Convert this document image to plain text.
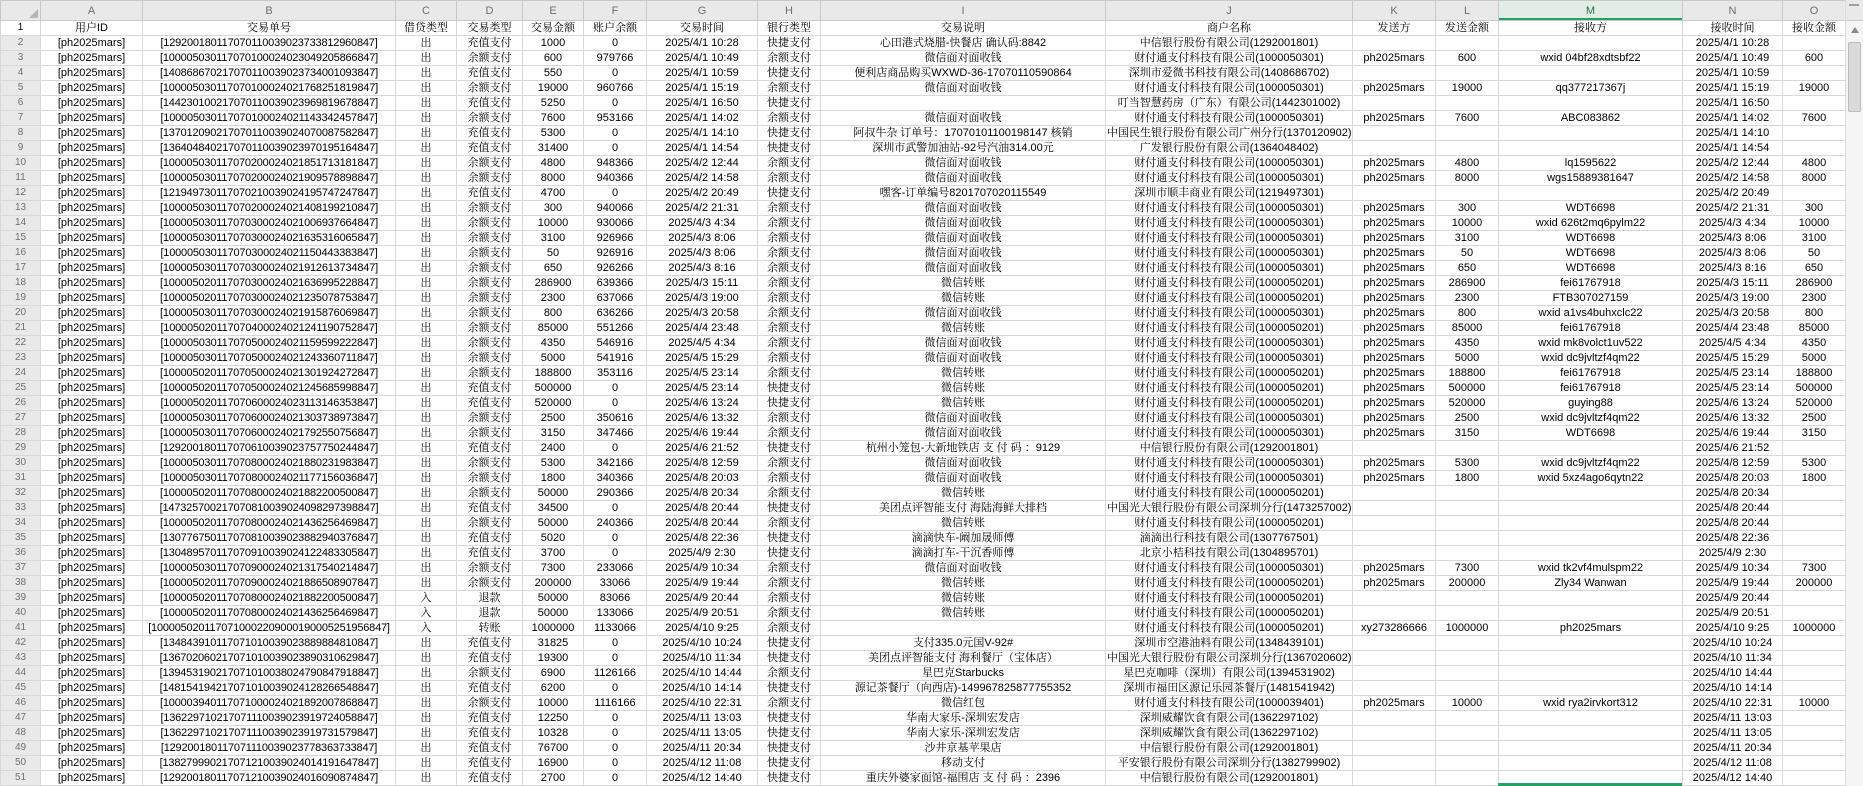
	A	B	C	D	E	F	G	H	I	J	K	L	M	N	O
1	用户ID	交易单号	借贷类型	交易类型	交易金额	账户余额	交易时间	银行类型	交易说明	商户名称	发送方	发送金额	接收方	接收时间	接收金额
2	[ph2025mars]	[129200180117070110039023733812960847]	出	充值支付	1000	0	2025/4/1 10:28	快捷支付	心田港式烧腊-快餐店 确认码:8842	中信银行股份有限公司(1292001801)				2025/4/1 10:28	
3	[ph2025mars]	[100005030117070100024023049205866847]	出	余额支付	600	979766	2025/4/1 10:49	余额支付	微信面对面收钱	财付通支付科技有限公司(1000050301)	ph2025mars	600	wxid 04bf28xdtsbf22	2025/4/1 10:49	600
4	[ph2025mars]	[140868670217070110039023734001093847]	出	充值支付	550	0	2025/4/1 10:59	快捷支付	便利店商品购买WXWD-36-17070110590864	深圳市爱微书科技有限公司(1408686702)				2025/4/1 10:59	
5	[ph2025mars]	[100005030117070100024021768251819847]	出	余额支付	19000	960766	2025/4/1 15:19	余额支付	微信面对面收钱	财付通支付科技有限公司(1000050301)	ph2025mars	19000	qq377217367j	2025/4/1 15:19	19000
6	[ph2025mars]	[144230100217070110039023969819678847]	出	充值支付	5250	0	2025/4/1 16:50	快捷支付		叮当智慧药房（广东）有限公司(1442301002)				2025/4/1 16:50	
7	[ph2025mars]	[100005030117070100024021143342457847]	出	余额支付	7600	953166	2025/4/1 14:02	余额支付	微信面对面收钱	财付通支付科技有限公司(1000050301)	ph2025mars	7600	ABC083862	2025/4/1 14:02	7600
8	[ph2025mars]	[137012090217070110039024070087582847]	出	充值支付	5300	0	2025/4/1 14:10	快捷支付	阿叔牛杂 订单号：17070101100198147 核销	中国民生银行股份有限公司广州分行(1370120902)				2025/4/1 14:10	
9	[ph2025mars]	[136404840217070110039023970195164847]	出	充值支付	31400	0	2025/4/1 14:54	快捷支付	深圳市武警加油站-92号汽油314.00元	广发银行股份有限公司(1364048402)				2025/4/1 14:54	
10	[ph2025mars]	[100005030117070200024021851713181847]	出	余额支付	4800	948366	2025/4/2 12:44	余额支付	微信面对面收钱	财付通支付科技有限公司(1000050301)	ph2025mars	4800	lq1595622	2025/4/2 12:44	4800
11	[ph2025mars]	[100005030117070200024021909578898847]	出	余额支付	8000	940366	2025/4/2 14:58	余额支付	微信面对面收钱	财付通支付科技有限公司(1000050301)	ph2025mars	8000	wgs15889381647	2025/4/2 14:58	8000
12	[ph2025mars]	[121949730117070210039024195747247847]	出	充值支付	4700	0	2025/4/2 20:49	快捷支付	嘿客-订单编号8201707020115549	深圳市顺丰商业有限公司(1219497301)				2025/4/2 20:49	
13	[ph2025mars]	[100005030117070200024021408199210847]	出	余额支付	300	940066	2025/4/2 21:31	余额支付	微信面对面收钱	财付通支付科技有限公司(1000050301)	ph2025mars	300	WDT6698	2025/4/2 21:31	300
14	[ph2025mars]	[100005030117070300024021006937664847]	出	余额支付	10000	930066	2025/4/3 4:34	余额支付	微信面对面收钱	财付通支付科技有限公司(1000050301)	ph2025mars	10000	wxid 626t2mq6pylm22	2025/4/3 4:34	10000
15	[ph2025mars]	[100005030117070300024021635316065847]	出	余额支付	3100	926966	2025/4/3 8:06	余额支付	微信面对面收钱	财付通支付科技有限公司(1000050301)	ph2025mars	3100	WDT6698	2025/4/3 8:06	3100
16	[ph2025mars]	[100005030117070300024021150443383847]	出	余额支付	50	926916	2025/4/3 8:06	余额支付	微信面对面收钱	财付通支付科技有限公司(1000050301)	ph2025mars	50	WDT6698	2025/4/3 8:06	50
17	[ph2025mars]	[100005030117070300024021912613734847]	出	余额支付	650	926266	2025/4/3 8:16	余额支付	微信面对面收钱	财付通支付科技有限公司(1000050301)	ph2025mars	650	WDT6698	2025/4/3 8:16	650
18	[ph2025mars]	[100005020117070300024021636995228847]	出	余额支付	286900	639366	2025/4/3 15:11	余额支付	微信转账	财付通支付科技有限公司(1000050201)	ph2025mars	286900	fei61767918	2025/4/3 15:11	286900
19	[ph2025mars]	[100005020117070300024021235078753847]	出	余额支付	2300	637066	2025/4/3 19:00	余额支付	微信转账	财付通支付科技有限公司(1000050201)	ph2025mars	2300	FTB307027159	2025/4/3 19:00	2300
20	[ph2025mars]	[100005030117070300024021915876069847]	出	余额支付	800	636266	2025/4/3 20:58	余额支付	微信面对面收钱	财付通支付科技有限公司(1000050301)	ph2025mars	800	wxid a1vs4buhxclc22	2025/4/3 20:58	800
21	[ph2025mars]	[100005020117070400024021241190752847]	出	余额支付	85000	551266	2025/4/4 23:48	余额支付	微信转账	财付通支付科技有限公司(1000050201)	ph2025mars	85000	fei61767918	2025/4/4 23:48	85000
22	[ph2025mars]	[100005030117070500024021159599222847]	出	余额支付	4350	546916	2025/4/5 4:34	余额支付	微信面对面收钱	财付通支付科技有限公司(1000050301)	ph2025mars	4350	wxid mk8volct1uv522	2025/4/5 4:34	4350
23	[ph2025mars]	[100005030117070500024021243360711847]	出	余额支付	5000	541916	2025/4/5 15:29	余额支付	微信面对面收钱	财付通支付科技有限公司(1000050301)	ph2025mars	5000	wxid dc9jvltzf4qm22	2025/4/5 15:29	5000
24	[ph2025mars]	[100005020117070500024021301924272847]	出	余额支付	188800	353116	2025/4/5 23:14	余额支付	微信转账	财付通支付科技有限公司(1000050201)	ph2025mars	188800	fei61767918	2025/4/5 23:14	188800
25	[ph2025mars]	[100005020117070500024021245685998847]	出	充值支付	500000	0	2025/4/5 23:14	快捷支付	微信转账	财付通支付科技有限公司(1000050201)	ph2025mars	500000	fei61767918	2025/4/5 23:14	500000
26	[ph2025mars]	[100005020117070600024023113146353847]	出	充值支付	520000	0	2025/4/6 13:24	快捷支付	微信转账	财付通支付科技有限公司(1000050201)	ph2025mars	520000	guying88	2025/4/6 13:24	520000
27	[ph2025mars]	[100005030117070600024021303738973847]	出	余额支付	2500	350616	2025/4/6 13:32	余额支付	微信面对面收钱	财付通支付科技有限公司(1000050301)	ph2025mars	2500	wxid dc9jvltzf4qm22	2025/4/6 13:32	2500
28	[ph2025mars]	[100005030117070600024021792550756847]	出	余额支付	3150	347466	2025/4/6 19:44	余额支付	微信面对面收钱	财付通支付科技有限公司(1000050301)	ph2025mars	3150	WDT6698	2025/4/6 19:44	3150
29	[ph2025mars]	[129200180117070610039023757750244847]	出	充值支付	2400	0	2025/4/6 21:52	快捷支付	杭州小笼包-大新地铁店 支 付 码 ：9129	中信银行股份有限公司(1292001801)				2025/4/6 21:52	
30	[ph2025mars]	[100005030117070800024021880231983847]	出	余额支付	5300	342166	2025/4/8 12:59	余额支付	微信面对面收钱	财付通支付科技有限公司(1000050301)	ph2025mars	5300	wxid dc9jvltzf4qm22	2025/4/8 12:59	5300
31	[ph2025mars]	[100005030117070800024021177156036847]	出	余额支付	1800	340366	2025/4/8 20:03	余额支付	微信面对面收钱	财付通支付科技有限公司(1000050301)	ph2025mars	1800	wxid 5xz4ago6qytn22	2025/4/8 20:03	1800
32	[ph2025mars]	[100005020117070800024021882200500847]	出	余额支付	50000	290366	2025/4/8 20:34	余额支付	微信转账	财付通支付科技有限公司(1000050201)				2025/4/8 20:34	
33	[ph2025mars]	[147325700217070810039024098297398847]	出	充值支付	34500	0	2025/4/8 20:44	快捷支付	美团点评智能支付 海陆海鲜大排档	中国光大银行股份有限公司深圳分行(1473257002)				2025/4/8 20:44	
34	[ph2025mars]	[100005020117070800024021436256469847]	出	余额支付	50000	240366	2025/4/8 20:44	余额支付	微信转账	财付通支付科技有限公司(1000050201)				2025/4/8 20:44	
35	[ph2025mars]	[130776750117070810039023882940376847]	出	充值支付	5020	0	2025/4/8 22:36	快捷支付	滴滴快车-阚加晟师傅	滴滴出行科技有限公司(1307767501)				2025/4/8 22:36	
36	[ph2025mars]	[130489570117070910039024122483305847]	出	充值支付	3700	0	2025/4/9 2:30	快捷支付	滴滴打车-干沉香师傅	北京小桔科技有限公司(1304895701)				2025/4/9 2:30	
37	[ph2025mars]	[100005030117070900024021317540214847]	出	余额支付	7300	233066	2025/4/9 10:34	余额支付	微信面对面收钱	财付通支付科技有限公司(1000050301)	ph2025mars	7300	wxid tk2vf4mulspm22	2025/4/9 10:34	7300
38	[ph2025mars]	[100005020117070900024021886508907847]	出	余额支付	200000	33066	2025/4/9 19:44	余额支付	微信转账	财付通支付科技有限公司(1000050201)	ph2025mars	200000	Zly34 Wanwan	2025/4/9 19:44	200000
39	[ph2025mars]	[100005020117070800024021882200500847]	入	退款	50000	83066	2025/4/9 20:44	余额支付	微信转账	财付通支付科技有限公司(1000050201)				2025/4/9 20:44	
40	[ph2025mars]	[100005020117070800024021436256469847]	入	退款	50000	133066	2025/4/9 20:51	余额支付	微信转账	财付通支付科技有限公司(1000050201)				2025/4/9 20:51	
41	[ph2025mars]	[1000050201170710002209000190005251956847]	入	转账	1000000	1133066	2025/4/10 9:25	余额支付		财付通支付科技有限公司(1000050201)	xy273286666	1000000	ph2025mars	2025/4/10 9:25	1000000
42	[ph2025mars]	[134843910117071010039023889884810847]	出	充值支付	31825	0	2025/4/10 10:24	快捷支付	支付335.0元国V-92#	深圳市空港油料有限公司(1348439101)				2025/4/10 10:24	
43	[ph2025mars]	[136702060217071010039023890310629847]	出	充值支付	19300	0	2025/4/10 11:34	快捷支付	美团点评智能支付 海利餐厅（宝体店）	中国光大银行股份有限公司深圳分行(1367020602)				2025/4/10 11:34	
44	[ph2025mars]	[139453190217071010038024790847918847]	出	余额支付	6900	1126166	2025/4/10 14:44	余额支付	星巴克Starbucks	星巴克咖啡（深圳）有限公司(1394531902)				2025/4/10 14:44	
45	[ph2025mars]	[148154194217071010039024128266548847]	出	充值支付	6200	0	2025/4/10 14:14	快捷支付	源记茶餐厅（向西店)-149967825877755352	深圳市福田区源记乐园茶餐厅(1481541942)				2025/4/10 14:14	
46	[ph2025mars]	[100003940117071000024021892007868847]	出	余额支付	10000	1116166	2025/4/10 22:31	余额支付	微信红包	财付通支付科技有限公司(1000039401)	ph2025mars	10000	wxid rya2irvkort312	2025/4/10 22:31	10000
47	[ph2025mars]	[136229710217071110039023919724058847]	出	充值支付	12250	0	2025/4/11 13:03	快捷支付	华南大家乐-深圳宏发店	深圳威耀饮食有限公司(1362297102)				2025/4/11 13:03	
48	[ph2025mars]	[136229710217071110039023919731579847]	出	充值支付	10328	0	2025/4/11 13:05	快捷支付	华南大家乐-深圳宏发店	深圳威耀饮食有限公司(1362297102)				2025/4/11 13:05	
49	[ph2025mars]	[129200180117071110039023778363733847]	出	充值支付	76700	0	2025/4/11 20:34	快捷支付	沙井京基苹果店	中信银行股份有限公司(1292001801)				2025/4/11 20:34	
50	[ph2025mars]	[138279990217071210039024014191647847]	出	充值支付	16900	0	2025/4/12 11:08	快捷支付	移动支付	平安银行股份有限公司深圳分行(1382799902)				2025/4/12 11:08	
51	[ph2025mars]	[129200180117071210039024016090874847]	出	充值支付	2700	0	2025/4/12 14:40	快捷支付	重庆外婆家面馆-福围店 支 付 码 ：2396	中信银行股份有限公司(1292001801)				2025/4/12 14:40	
